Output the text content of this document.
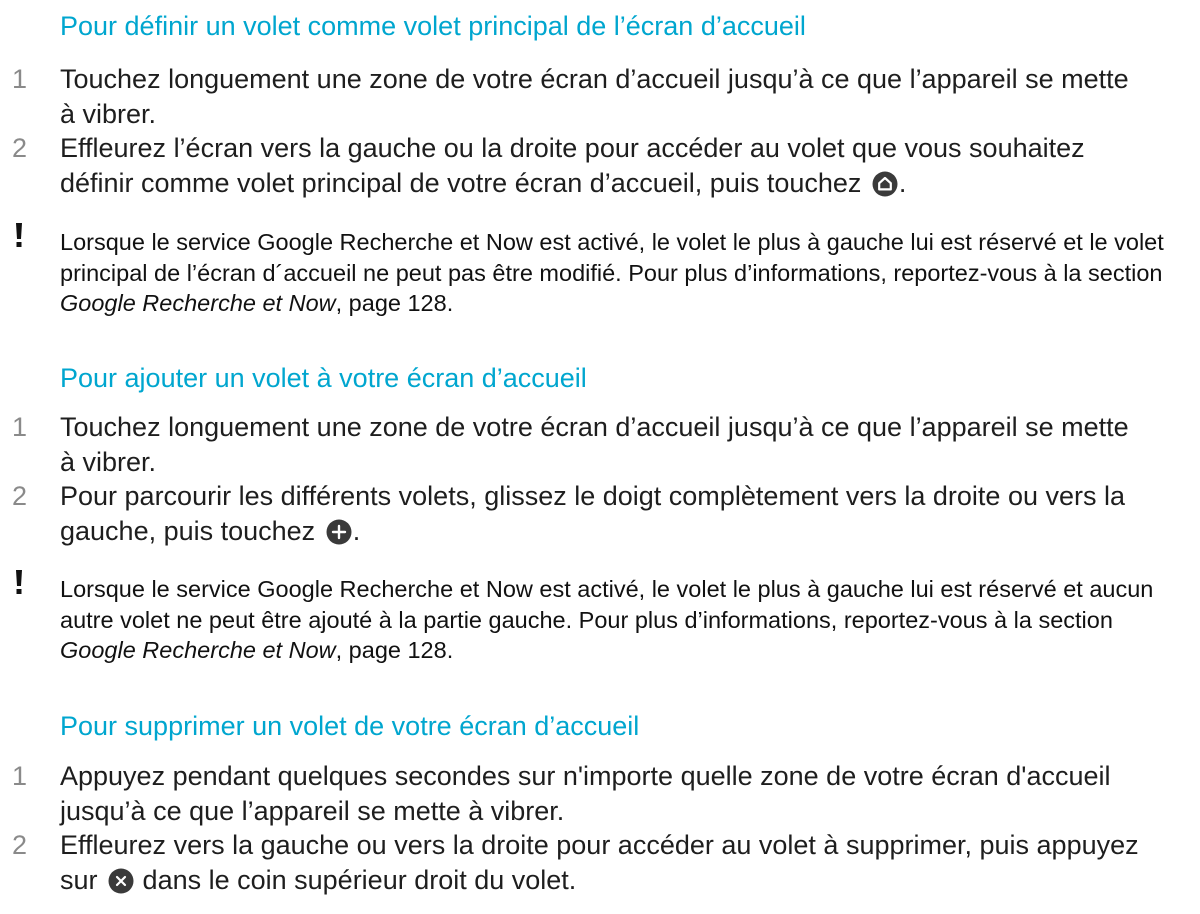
Pour définir un volet comme volet principal de l’écran d’accueil
1 Touchez longuement une zone de votre écran d’accueil jusqu’à ce que l’appareil se mette à vibrer.
2 Effleurez l’écran vers la gauche ou la droite pour accéder au volet que vous souhaitez définir comme volet principal de votre écran d’accueil, puis touchez .
Lorsque le service Google Recherche et Now est activé, le volet le plus à gauche lui est réservé et le volet principal de l’écran d´accueil ne peut pas être modifié. Pour plus d’informations, reportez-vous à la section Google Recherche et Now, page 128.
Pour ajouter un volet à votre écran d’accueil
1 Touchez longuement une zone de votre écran d’accueil jusqu’à ce que l’appareil se mette à vibrer.
2 Pour parcourir les différents volets, glissez le doigt complètement vers la droite ou vers la gauche, puis touchez .
Lorsque le service Google Recherche et Now est activé, le volet le plus à gauche lui est réservé et aucun autre volet ne peut être ajouté à la partie gauche. Pour plus d’informations, reportez-vous à la section Google Recherche et Now, page 128.
Pour supprimer un volet de votre écran d’accueil
1 Appuyez pendant quelques secondes sur n'importe quelle zone de votre écran d'accueil jusqu’à ce que l’appareil se mette à vibrer.
2 Effleurez vers la gauche ou vers la droite pour accéder au volet à supprimer, puis appuyez sur dans le coin supérieur droit du volet.
